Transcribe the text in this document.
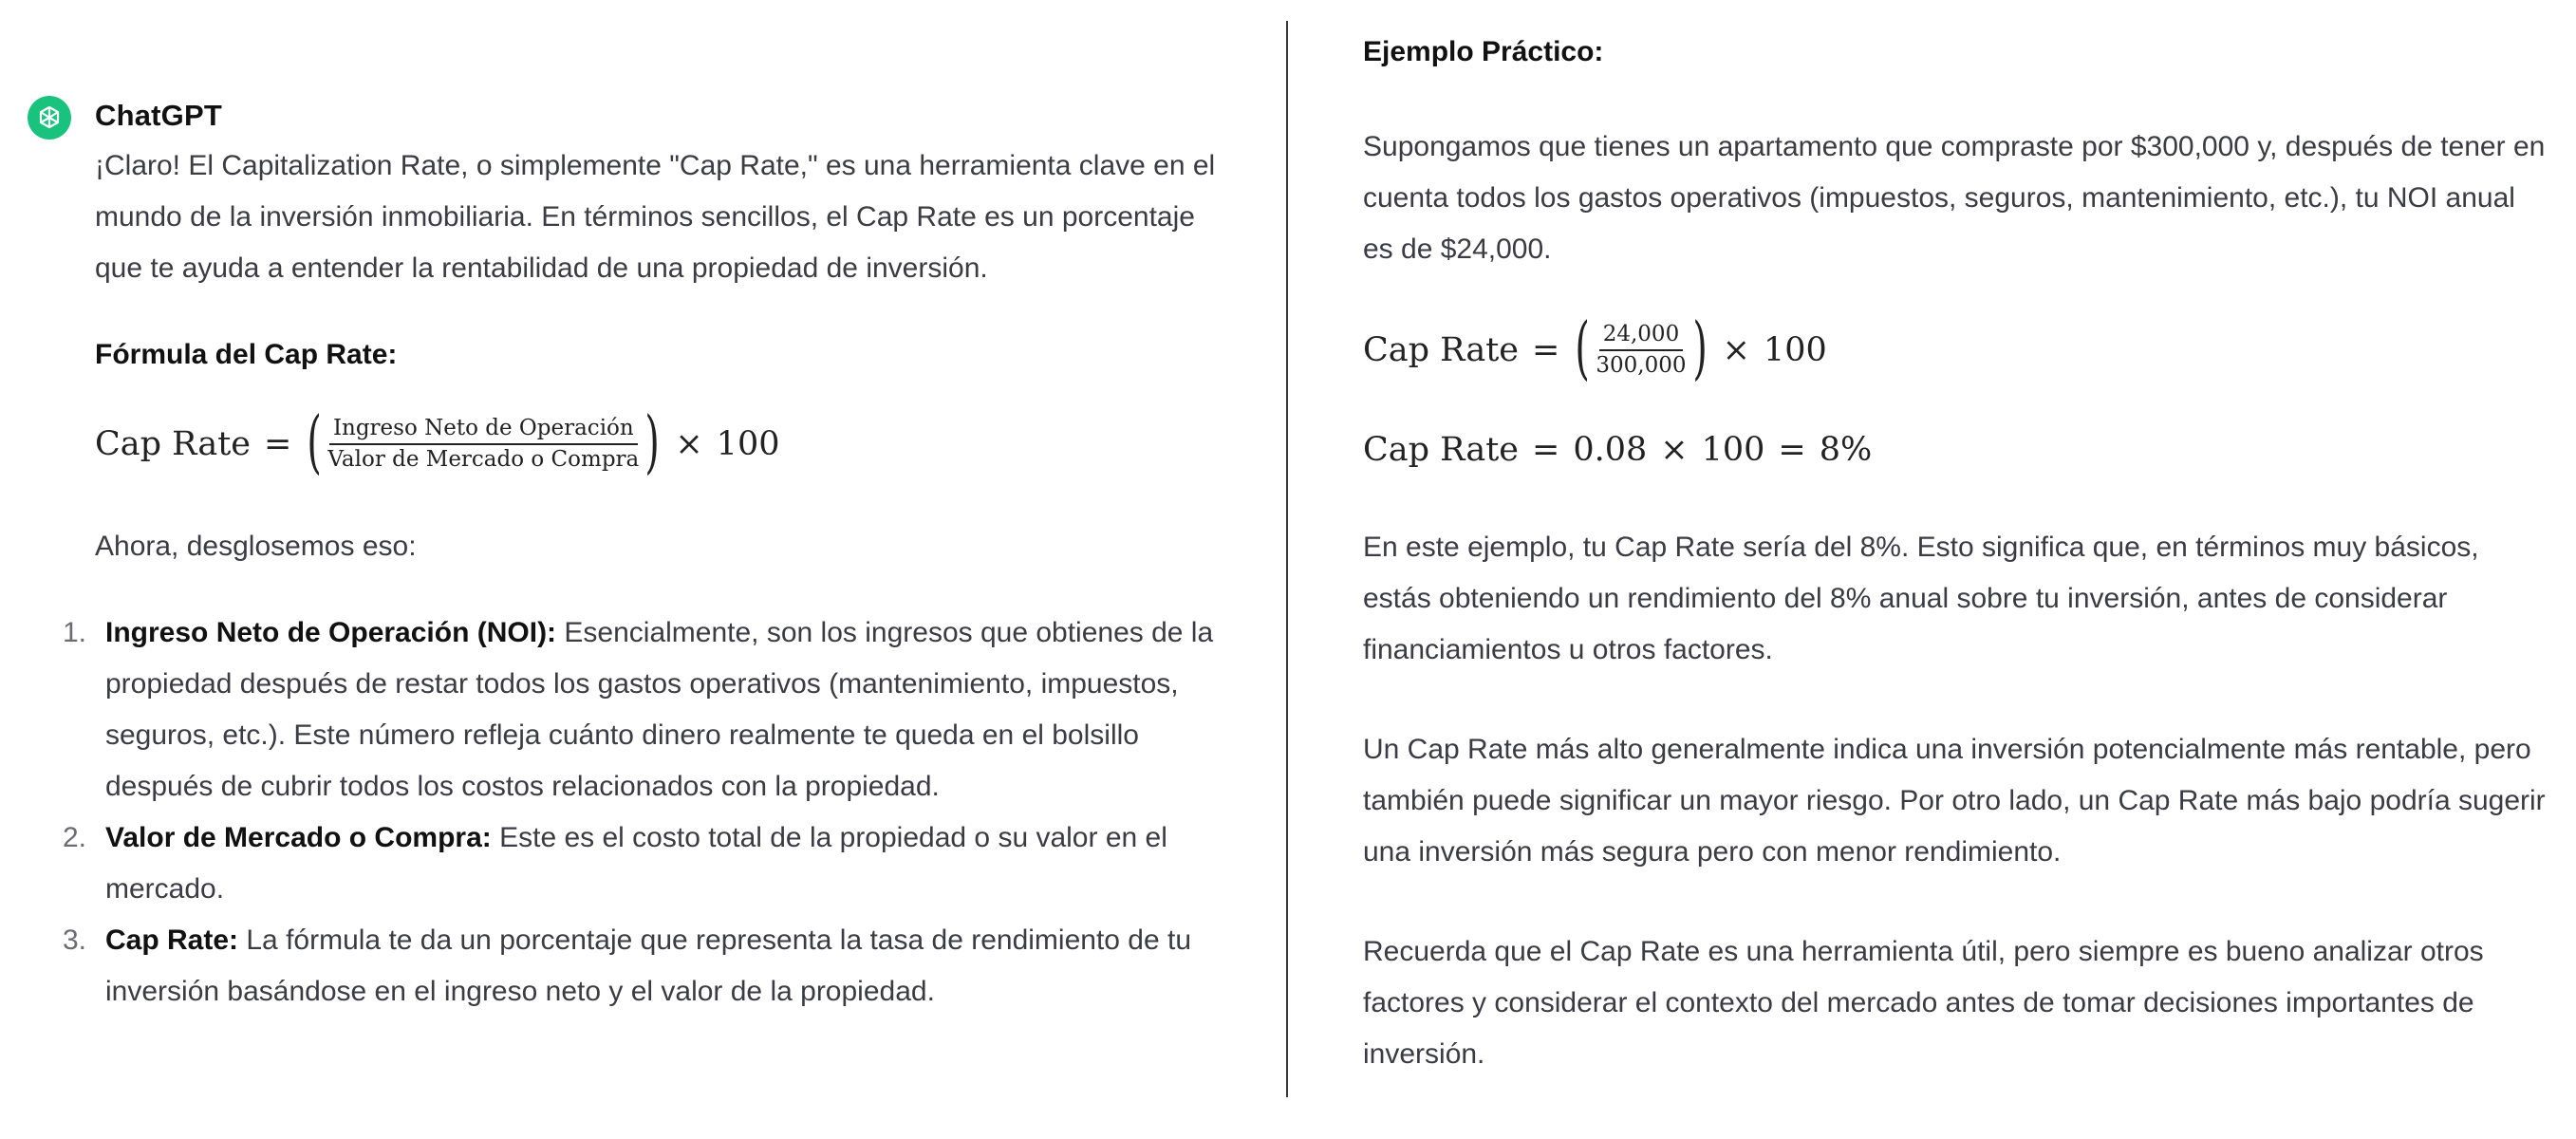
ChatGPT

¡Claro! El Capitalization Rate, o simplemente "Cap Rate," es una herramienta clave en el mundo de la inversión inmobiliaria. En términos sencillos, el Cap Rate es un porcentaje que te ayuda a entender la rentabilidad de una propiedad de inversión.

Fórmula del Cap Rate:

Cap Rate = ( $\frac{\text{Ingreso Neto de Operación}}{\text{Valor de Mercado o Compra}}$ ) × 100

Ahora, desglosemos eso:

1. Ingreso Neto de Operación (NOI): Esencialmente, son los ingresos que obtienes de la propiedad después de restar todos los gastos operativos (mantenimiento, impuestos, seguros, etc.). Este número refleja cuánto dinero realmente te queda en el bolsillo después de cubrir todos los costos relacionados con la propiedad.
2. Valor de Mercado o Compra: Este es el costo total de la propiedad o su valor en el mercado.
3. Cap Rate: La fórmula te da un porcentaje que representa la tasa de rendimiento de tu inversión basándose en el ingreso neto y el valor de la propiedad.

Ejemplo Práctico:

Supongamos que tienes un apartamento que compraste por $300,000 y, después de tener en cuenta todos los gastos operativos (impuestos, seguros, mantenimiento, etc.), tu NOI anual es de $24,000.

Cap Rate = ( $\frac{24,000}{300,000}$ ) × 100
Cap Rate = 0.08 × 100 = 8%

En este ejemplo, tu Cap Rate sería del 8%. Esto significa que, en términos muy básicos, estás obteniendo un rendimiento del 8% anual sobre tu inversión, antes de considerar financiamientos u otros factores.

Un Cap Rate más alto generalmente indica una inversión potencialmente más rentable, pero también puede significar un mayor riesgo. Por otro lado, un Cap Rate más bajo podría sugerir una inversión más segura pero con menor rendimiento.

Recuerda que el Cap Rate es una herramienta útil, pero siempre es bueno analizar otros factores y considerar el contexto del mercado antes de tomar decisiones importantes de inversión.
